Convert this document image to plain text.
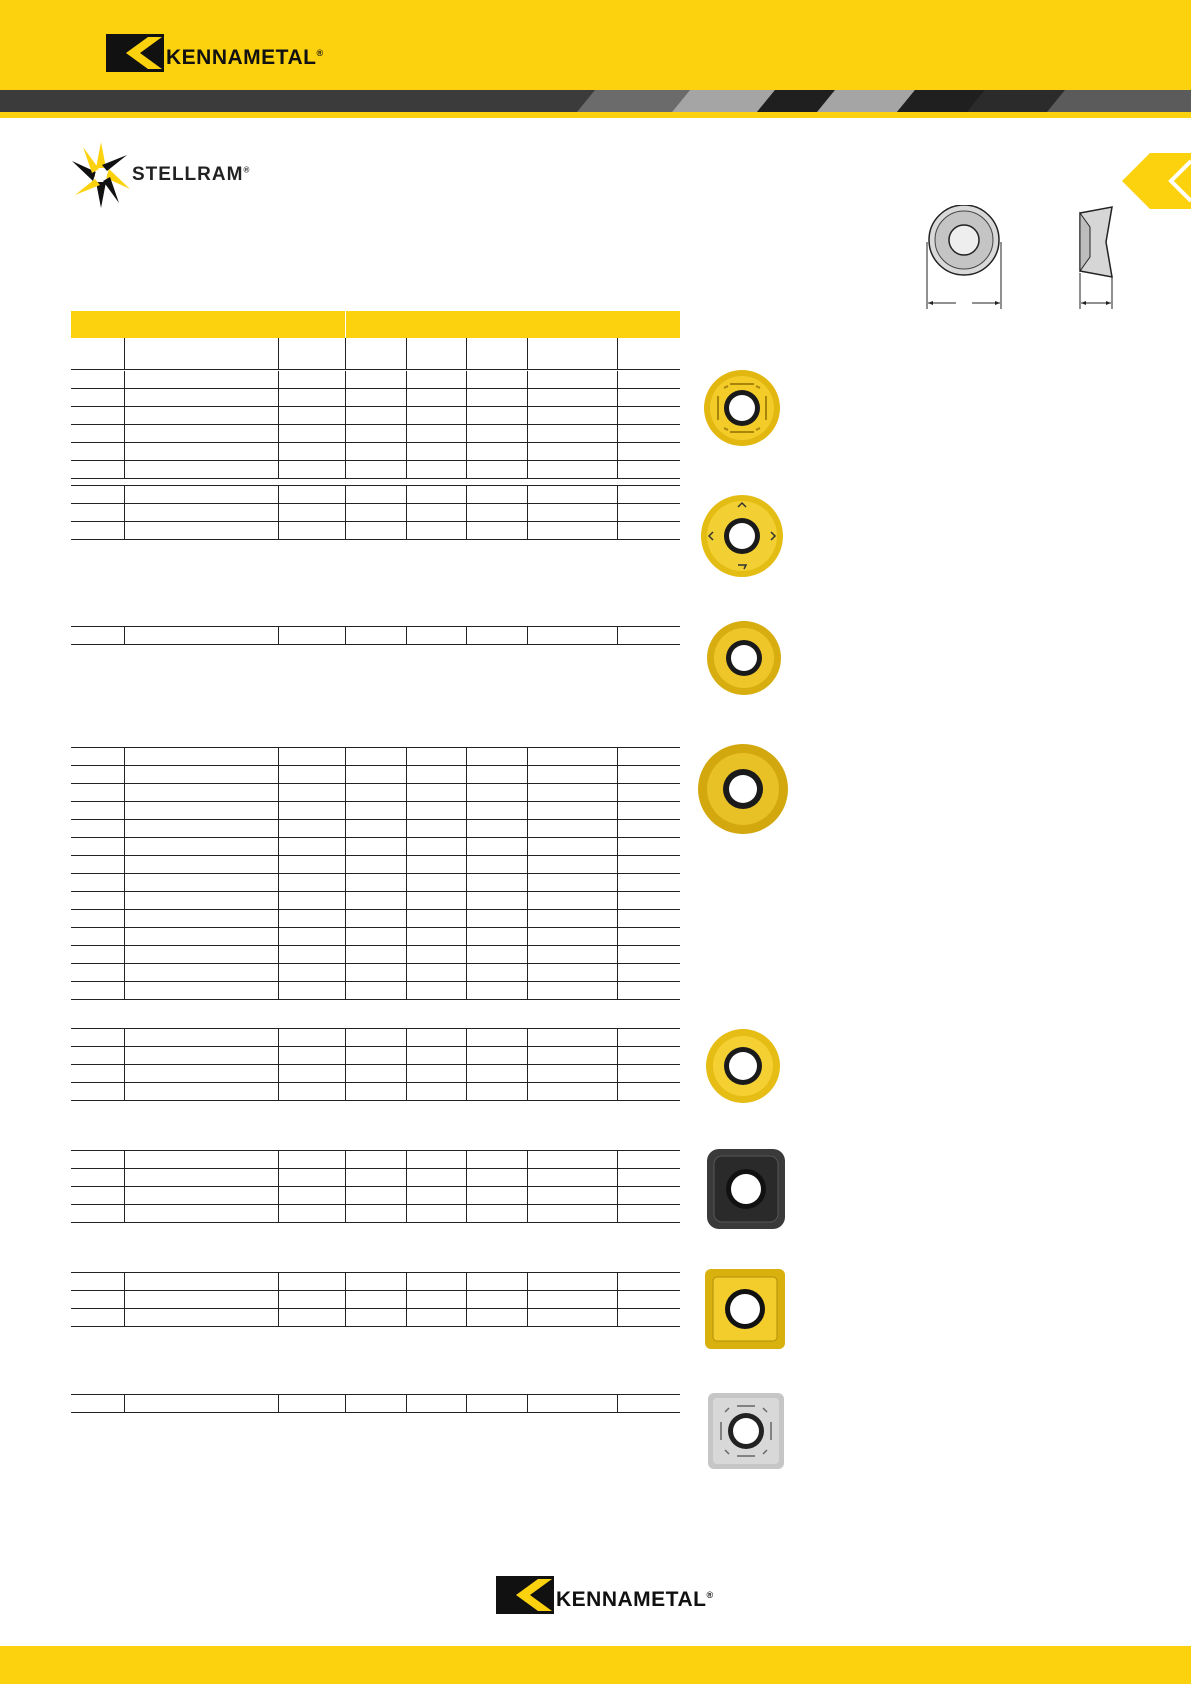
KENNAMETAL®
STELLRAM®

KENNAMETAL®
